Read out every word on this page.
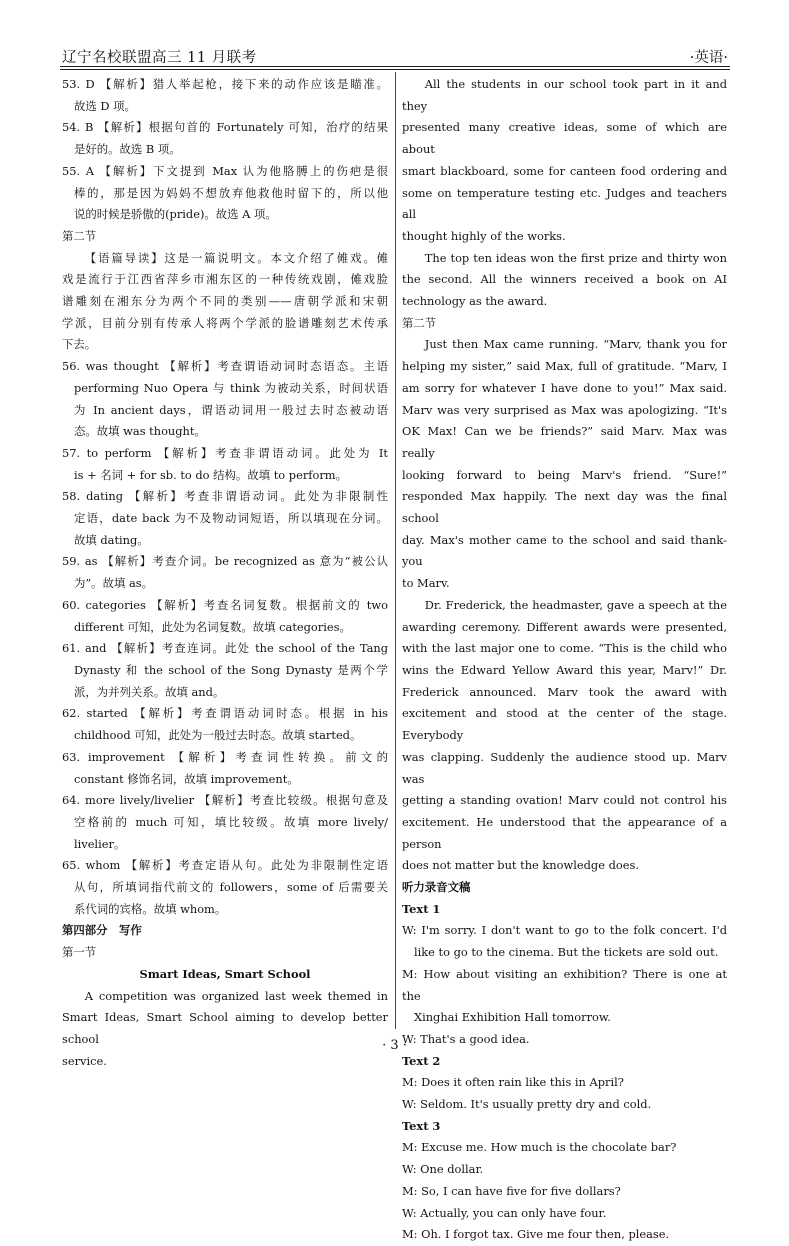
辽宁名校联盟高三 11 月联考	·英语·

53. D 【解析】猎人举起枪，接下来的动作应该是瞄准。

故选 D 项。

54. B 【解析】根据句首的 Fortunately 可知，治疗的结果

是好的。故选 B 项。

55. A 【解析】下文提到 Max 认为他胳膊上的伤疤是很

棒的，那是因为妈妈不想放弃他救他时留下的，所以他

说的时候是骄傲的(pride)。故选 A 项。

第二节

【语篇导读】这是一篇说明文。本文介绍了傩戏。傩

戏是流行于江西省萍乡市湘东区的一种传统戏剧，傩戏脸

谱雕刻在湘东分为两个不同的类别——唐朝学派和宋朝

学派，目前分别有传承人将两个学派的脸谱雕刻艺术传承

下去。

56. was thought 【解析】考查谓语动词时态语态。主语

performing Nuo Opera 与 think 为被动关系，时间状语

为 In ancient days，谓语动词用一般过去时态被动语

态。故填 was thought。

57. to perform 【解析】考查非谓语动词。此处为 It

is + 名词 + for sb. to do 结构。故填 to perform。

58. dating 【解析】考查非谓语动词。此处为非限制性

定语，date back 为不及物动词短语，所以填现在分词。

故填 dating。

59. as 【解析】考查介词。be recognized as 意为“被公认

为”。故填 as。

60. categories 【解析】考查名词复数。根据前文的 two

different 可知，此处为名词复数。故填 categories。

61. and 【解析】考查连词。此处 the school of the Tang

Dynasty 和 the school of the Song Dynasty 是两个学

派，为并列关系。故填 and。

62. started 【解析】考查谓语动词时态。根据 in his

childhood 可知，此处为一般过去时态。故填 started。

63. improvement 【解析】考查词性转换。前文的

constant 修饰名词，故填 improvement。

64. more lively/livelier 【解析】考查比较级。根据句意及

空格前的 much 可知，填比较级。故填 more lively/

livelier。

65. whom 【解析】考查定语从句。此处为非限制性定语

从句，所填词指代前文的 followers，some of 后需要关

系代词的宾格。故填 whom。

第四部分　写作

第一节

Smart Ideas, Smart School

A competition was organized last week themed in

Smart Ideas, Smart School aiming to develop better school

service.

All the students in our school took part in it and they

presented many creative ideas, some of which are about

smart blackboard, some for canteen food ordering and

some on temperature testing etc. Judges and teachers all

thought highly of the works.

The top ten ideas won the first prize and thirty won

the second. All the winners received a book on AI

technology as the award.

第二节

Just then Max came running. “Marv, thank you for

helping my sister,” said Max, full of gratitude. “Marv, I

am sorry for whatever I have done to you!” Max said.

Marv was very surprised as Max was apologizing. “It's

OK Max! Can we be friends?” said Marv. Max was really

looking forward to being Marv's friend. “Sure!”

responded Max happily. The next day was the final school

day. Max's mother came to the school and said thank-you

to Marv.

Dr. Frederick, the headmaster, gave a speech at the

awarding ceremony. Different awards were presented,

with the last major one to come. “This is the child who

wins the Edward Yellow Award this year, Marv!” Dr.

Frederick announced. Marv took the award with

excitement and stood at the center of the stage. Everybody

was clapping. Suddenly the audience stood up. Marv was

getting a standing ovation! Marv could not control his

excitement. He understood that the appearance of a person

does not matter but the knowledge does.

听力录音文稿

Text 1

W: I'm sorry. I don't want to go to the folk concert. I'd

like to go to the cinema. But the tickets are sold out.

M: How about visiting an exhibition? There is one at the

Xinghai Exhibition Hall tomorrow.

W: That's a good idea.

Text 2

M: Does it often rain like this in April?

W: Seldom. It's usually pretty dry and cold.

Text 3

M: Excuse me. How much is the chocolate bar?

W: One dollar.

M: So, I can have five for five dollars?

W: Actually, you can only have four.

M: Oh. I forgot tax. Give me four then, please.

· 3 ·
